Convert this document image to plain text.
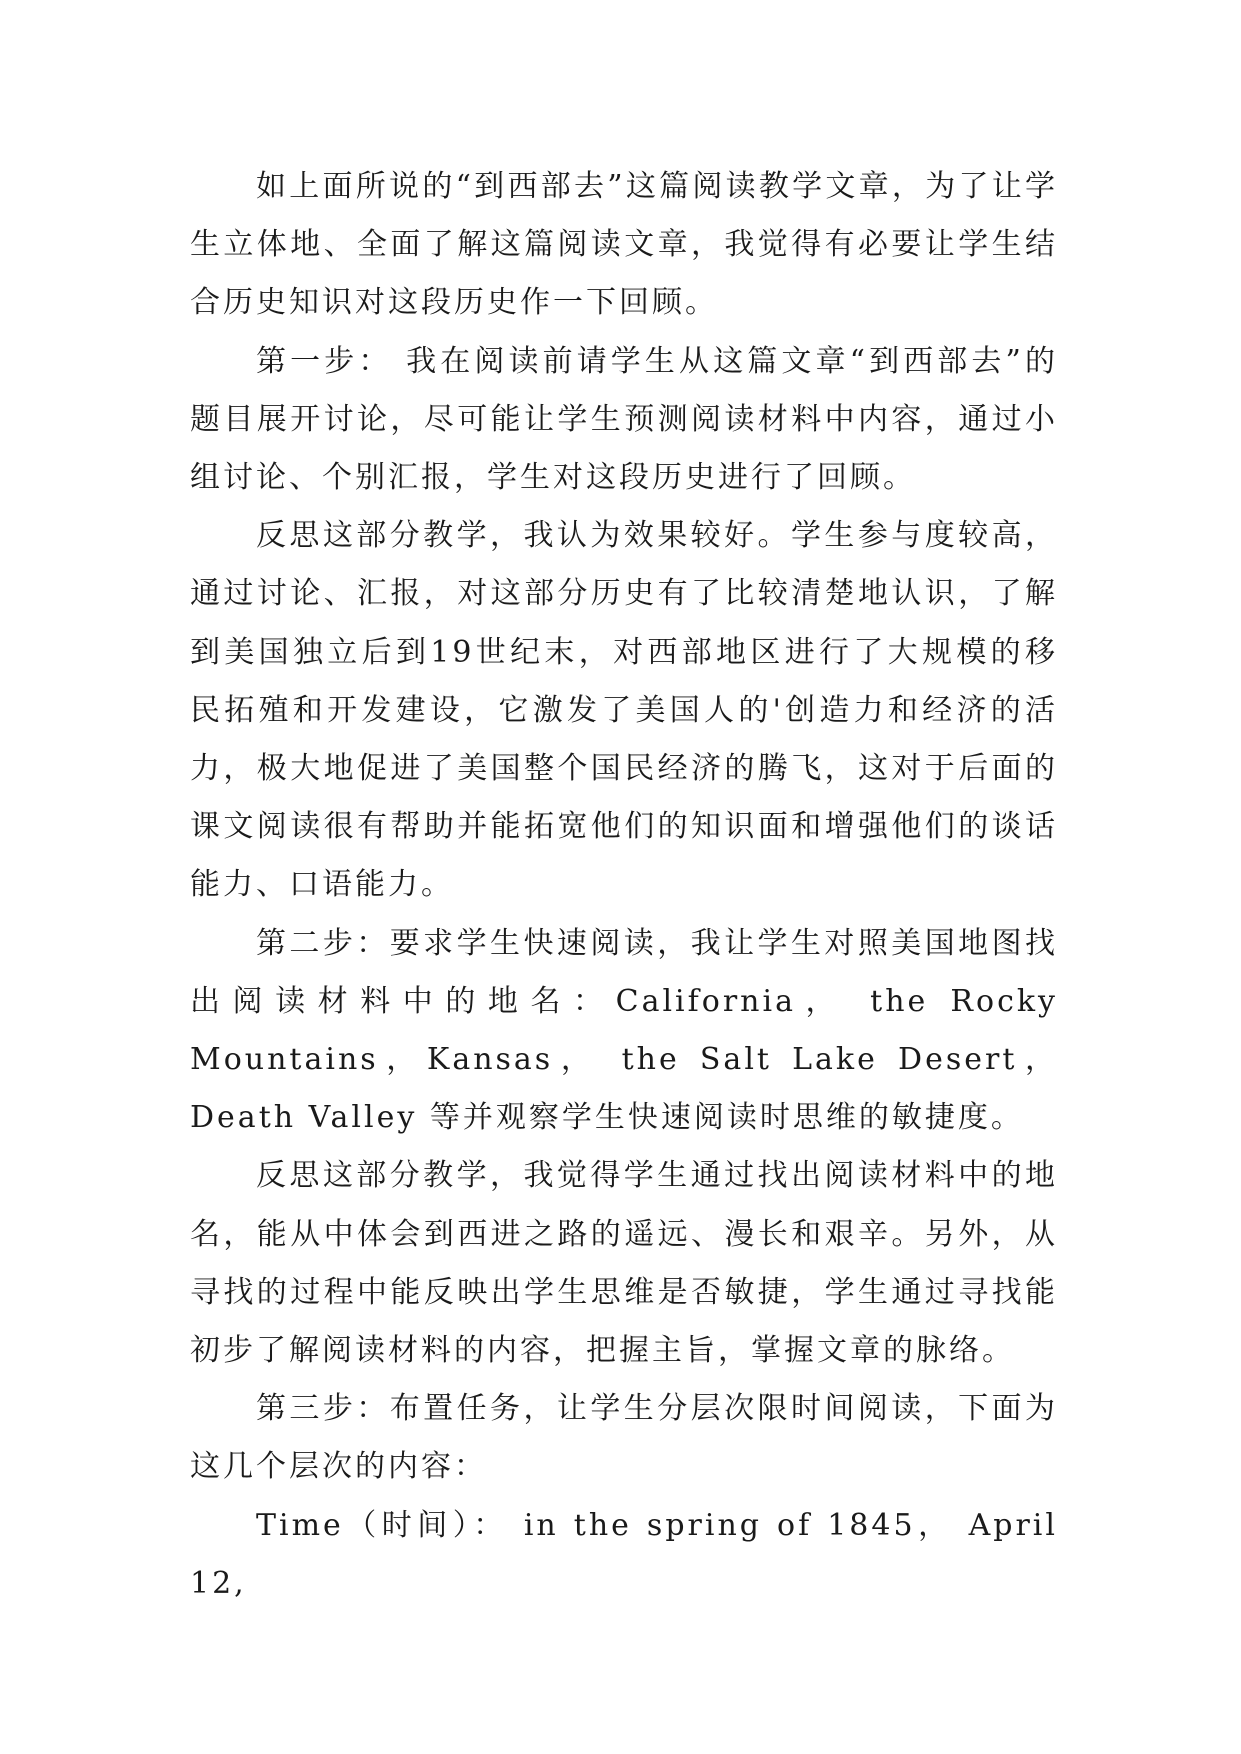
如上面所说的“到西部去”这篇阅读教学文章，为了让学生立体地、全面了解这篇阅读文章，我觉得有必要让学生结合历史知识对这段历史作一下回顾。

第一步： 我在阅读前请学生从这篇文章“到西部去”的题目展开讨论，尽可能让学生预测阅读材料中内容，通过小组讨论、个别汇报，学生对这段历史进行了回顾。

反思这部分教学，我认为效果较好。学生参与度较高，通过讨论、汇报，对这部分历史有了比较清楚地认识，了解到美国独立后到19世纪末，对西部地区进行了大规模的移民拓殖和开发建设，它激发了美国人的'创造力和经济的活力，极大地促进了美国整个国民经济的腾飞，这对于后面的课文阅读很有帮助并能拓宽他们的知识面和增强他们的谈话能力、口语能力。

第二步：要求学生快速阅读，我让学生对照美国地图找出阅读材料中的地名：California， the Rocky Mountains，Kansas， the Salt Lake Desert， Death Valley 等并观察学生快速阅读时思维的敏捷度。

反思这部分教学，我觉得学生通过找出阅读材料中的地名，能从中体会到西进之路的遥远、漫长和艰辛。另外，从寻找的过程中能反映出学生思维是否敏捷，学生通过寻找能初步了解阅读材料的内容，把握主旨，掌握文章的脉络。

第三步：布置任务，让学生分层次限时间阅读，下面为这几个层次的内容：

Time（时间）： in the spring of 1845， April 12,
